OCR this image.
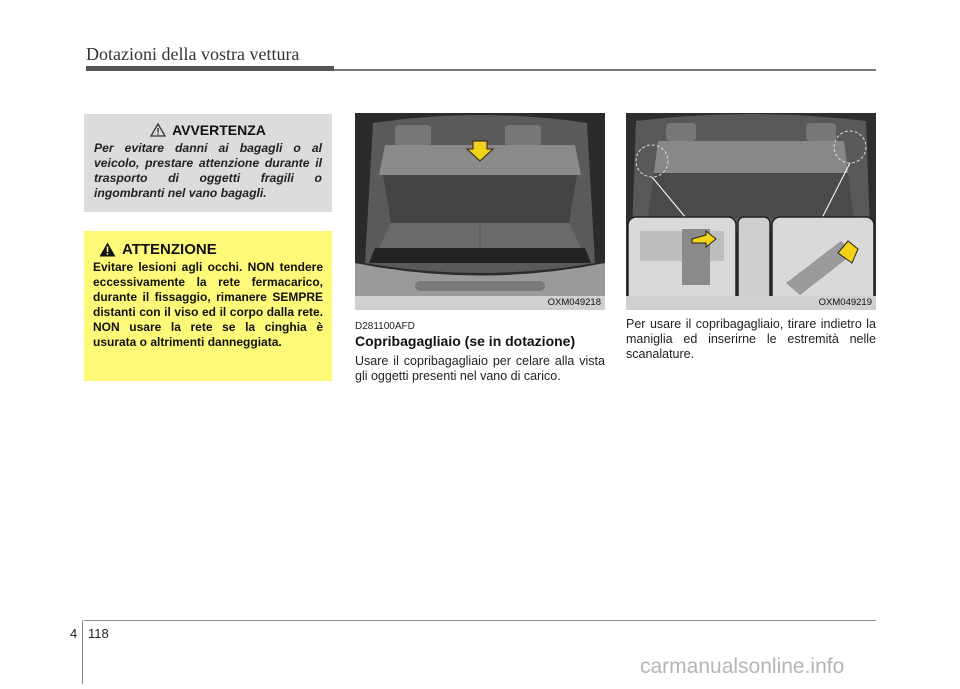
Dotazioni della vostra vettura
AVVERTENZA
Per evitare danni ai bagagli o al veicolo, prestare attenzione durante il trasporto di oggetti fragili o ingombranti nel vano bagagli.
ATTENZIONE
Evitare lesioni agli occhi. NON tendere eccessivamente la rete fermacarico, durante il fissaggio, rimanere SEMPRE distanti con il viso ed il corpo dalla rete. NON usare la rete se la cinghia è usurata o altrimenti danneggiata.
OXM049218	OXM049219
D281100AFD
Copribagagliaio (se in dotazione)
Usare il copribagagliaio per celare alla vista gli oggetti presenti nel vano di carico.
Per usare il copribagagliaio, tirare indietro la maniglia ed inserirne le estremità nelle scanalature.
4 118
carmanualsonline.info
